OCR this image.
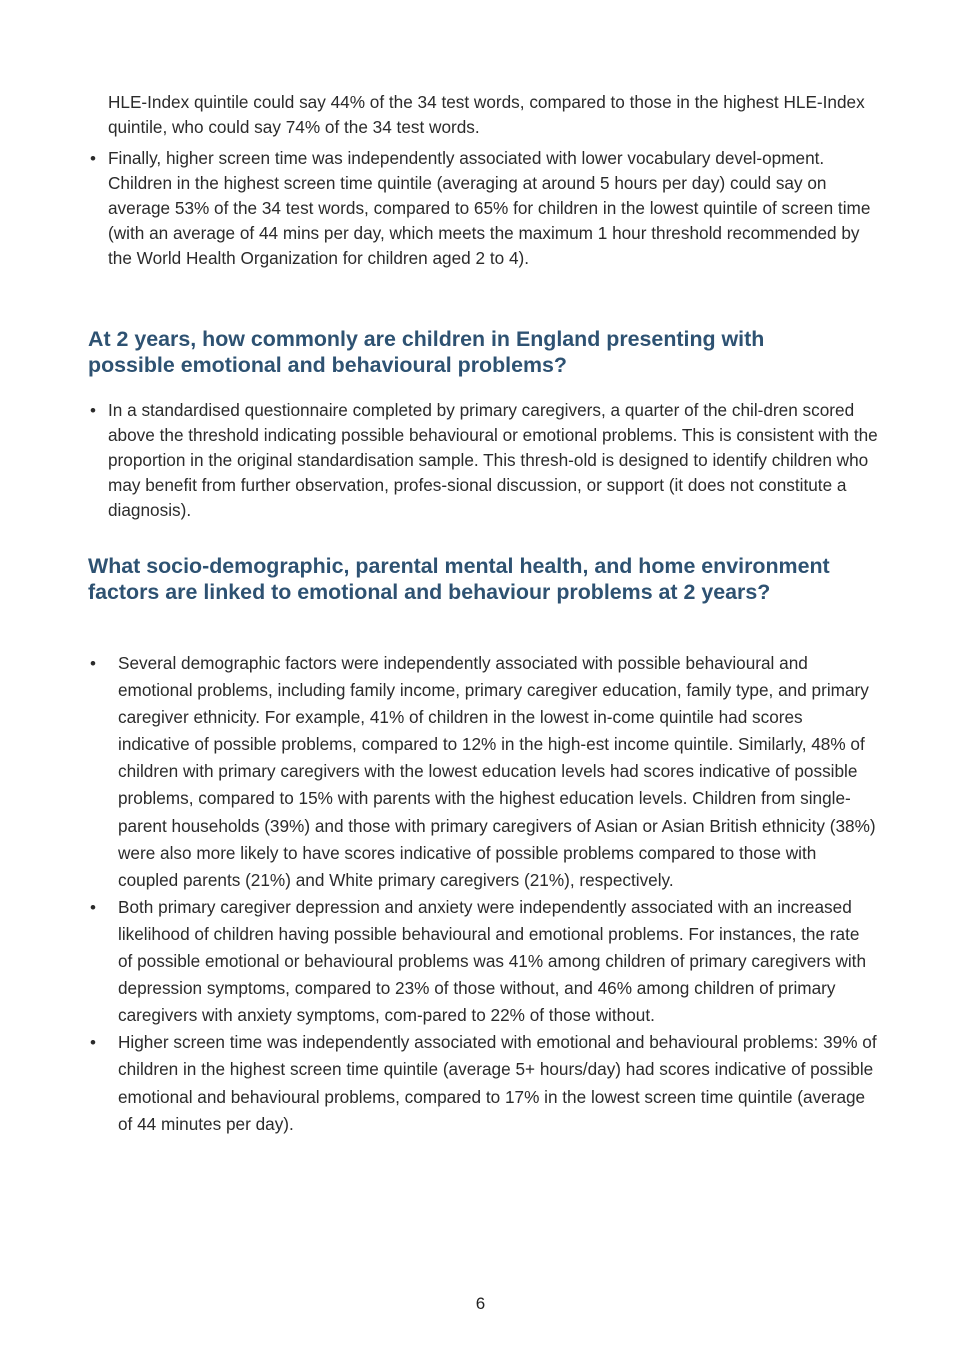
HLE-Index quintile could say 44% of the 34 test words, compared to those in the highest HLE-Index quintile, who could say 74% of the 34 test words.

• Finally, higher screen time was independently associated with lower vocabulary devel-opment. Children in the highest screen time quintile (averaging at around 5 hours per day) could say on average 53% of the 34 test words, compared to 65% for children in the lowest quintile of screen time (with an average of 44 mins per day, which meets the maximum 1 hour threshold recommended by the World Health Organization for children aged 2 to 4).
At 2 years, how commonly are children in England presenting with possible emotional and behavioural problems?
• In a standardised questionnaire completed by primary caregivers, a quarter of the chil-dren scored above the threshold indicating possible behavioural or emotional problems. This is consistent with the proportion in the original standardisation sample. This thresh-old is designed to identify children who may benefit from further observation, profes-sional discussion, or support (it does not constitute a diagnosis).
What socio-demographic, parental mental health, and home environment factors are linked to emotional and behaviour problems at 2 years?
• Several demographic factors were independently associated with possible behavioural and emotional problems, including family income, primary caregiver education, family type, and primary caregiver ethnicity. For example, 41% of children in the lowest in-come quintile had scores indicative of possible problems, compared to 12% in the high-est income quintile. Similarly, 48% of children with primary caregivers with the lowest education levels had scores indicative of possible problems, compared to 15% with parents with the highest education levels. Children from single-parent households (39%) and those with primary caregivers of Asian or Asian British ethnicity (38%) were also more likely to have scores indicative of possible problems compared to those with coupled parents (21%) and White primary caregivers (21%), respectively.
• Both primary caregiver depression and anxiety were independently associated with an increased likelihood of children having possible behavioural and emotional problems. For instances, the rate of possible emotional or behavioural problems was 41% among children of primary caregivers with depression symptoms, compared to 23% of those without, and 46% among children of primary caregivers with anxiety symptoms, com-pared to 22% of those without.
• Higher screen time was independently associated with emotional and behavioural problems: 39% of children in the highest screen time quintile (average 5+ hours/day) had scores indicative of possible emotional and behavioural problems, compared to 17% in the lowest screen time quintile (average of 44 minutes per day).
6
